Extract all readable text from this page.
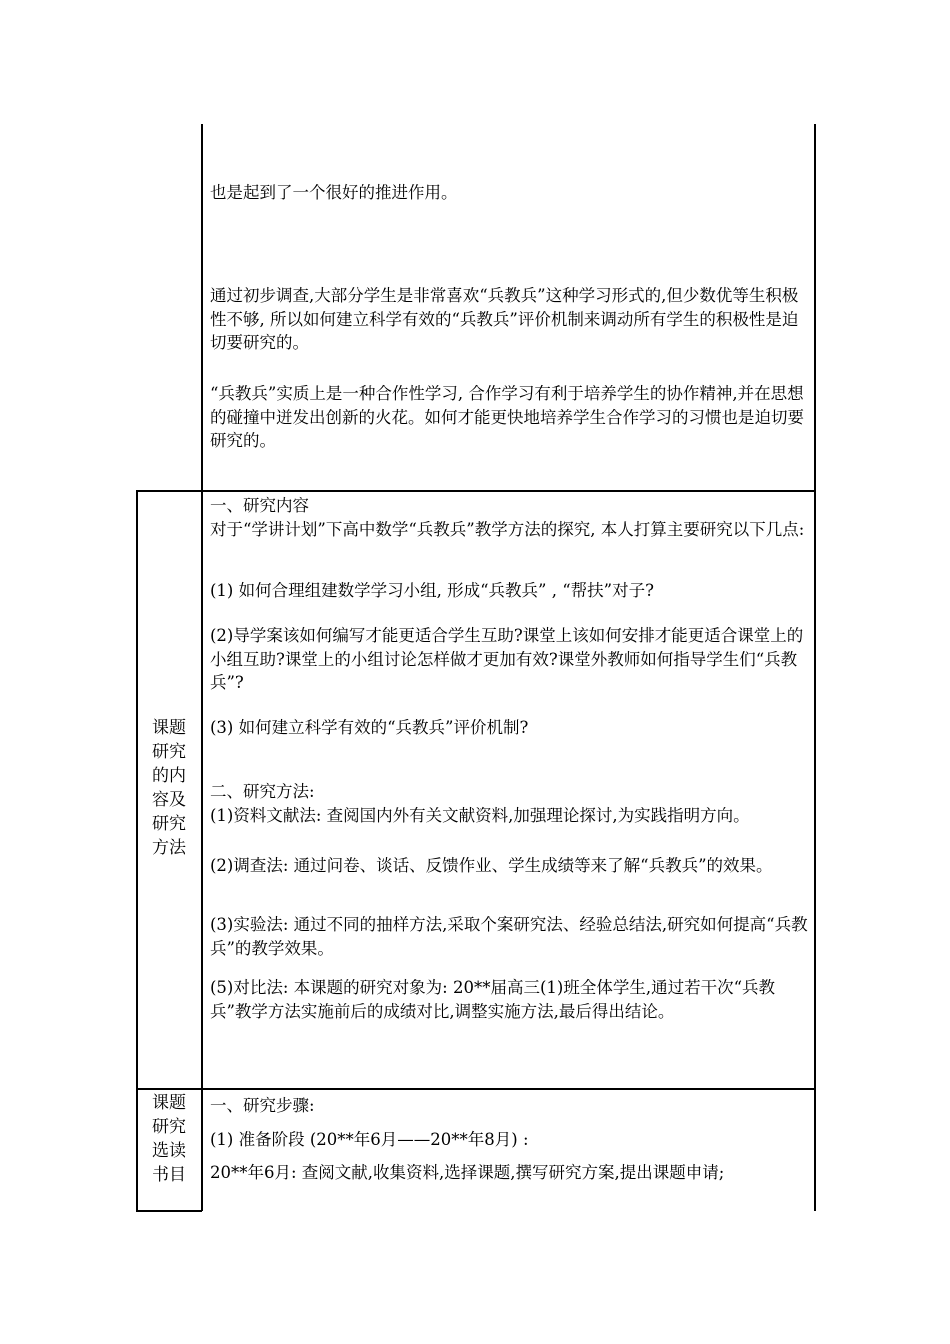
也是起到了一个很好的推进作用。

通过初步调查,大部分学生是非常喜欢“兵教兵”这种学习形式的,但少数优等生积极性不够, 所以如何建立科学有效的“兵教兵”评价机制来调动所有学生的积极性是迫切要研究的。

“兵教兵”实质上是一种合作性学习, 合作学习有利于培养学生的协作精神,并在思想的碰撞中迸发出创新的火花。如何才能更快地培养学生合作学习的习惯也是迫切要研究的。

课题
研究
的内
容及
研究
方法

一、研究内容

对于“学讲计划”下高中数学“兵教兵”教学方法的探究, 本人打算主要研究以下几点:

(1) 如何合理组建数学学习小组, 形成“兵教兵” , “帮扶”对子?

(2)导学案该如何编写才能更适合学生互助?课堂上该如何安排才能更适合课堂上的小组互助?课堂上的小组讨论怎样做才更加有效?课堂外教师如何指导学生们“兵教兵”?

(3) 如何建立科学有效的“兵教兵”评价机制?

二、研究方法:

(1)资料文献法: 查阅国内外有关文献资料,加强理论探讨,为实践指明方向。

(2)调查法: 通过问卷、谈话、反馈作业、学生成绩等来了解“兵教兵”的效果。

(3)实验法: 通过不同的抽样方法,采取个案研究法、经验总结法,研究如何提高“兵教兵”的教学效果。

(5)对比法: 本课题的研究对象为: 20**届高三(1)班全体学生,通过若干次“兵教兵”教学方法实施前后的成绩对比,调整实施方法,最后得出结论。

课题
研究
选读
书目

一、研究步骤:

(1) 准备阶段 (20**年6月——20**年8月) :

20**年6月: 查阅文献,收集资料,选择课题,撰写研究方案,提出课题申请;
